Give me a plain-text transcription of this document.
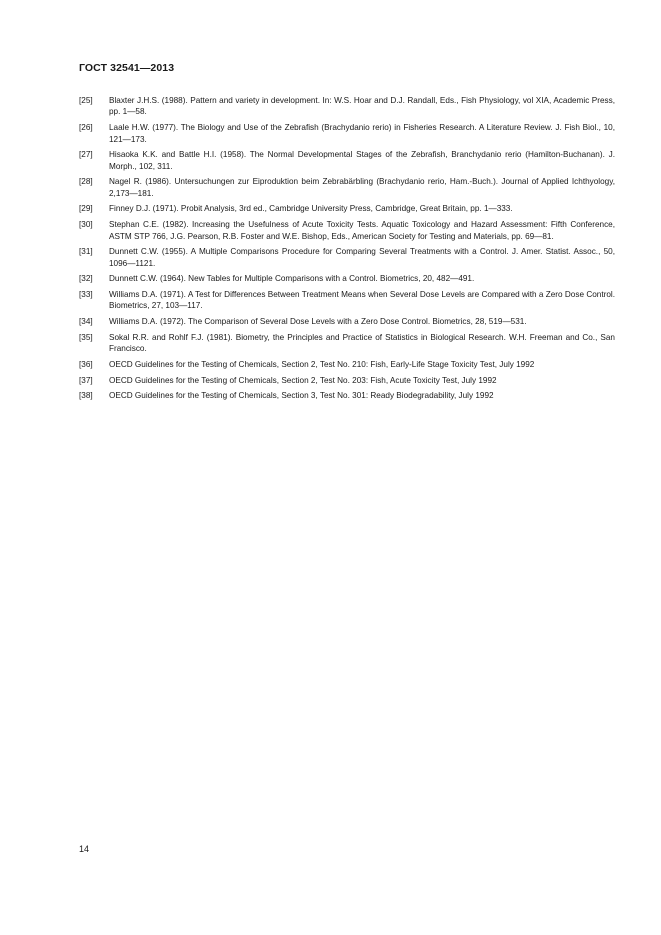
ГОСТ 32541—2013
[25]	Blaxter J.H.S. (1988). Pattern and variety in development. In: W.S. Hoar and D.J. Randall, Eds., Fish Physiology, vol XIA, Academic Press, pp. 1—58.
[26]	Laale H.W. (1977). The Biology and Use of the Zebrafish (Brachydanio rerio) in Fisheries Research. A Literature Review. J. Fish Biol., 10, 121—173.
[27]	Hisaoka K.K. and Battle H.I. (1958). The Normal Developmental Stages of the Zebrafish, Branchydanio rerio (Hamilton-Buchanan). J. Morph., 102, 311.
[28]	Nagel R. (1986). Untersuchungen zur Eiproduktion beim Zebrabärbling (Brachydanio rerio, Ham.-Buch.). Journal of Applied Ichthyology, 2,173—181.
[29]	Finney D.J. (1971). Probit Analysis, 3rd ed., Cambridge University Press, Cambridge, Great Britain, pp. 1—333.
[30]	Stephan C.E. (1982). Increasing the Usefulness of Acute Toxicity Tests. Aquatic Toxicology and Hazard Assessment: Fifth Conference, ASTM STP 766, J.G. Pearson, R.B. Foster and W.E. Bishop, Eds., American Society for Testing and Materials, pp. 69—81.
[31]	Dunnett C.W. (1955). A Multiple Comparisons Procedure for Comparing Several Treatments with a Control. J. Amer. Statist. Assoc., 50, 1096—1121.
[32]	Dunnett C.W. (1964). New Tables for Multiple Comparisons with a Control. Biometrics, 20, 482—491.
[33]	Williams D.A. (1971). A Test for Differences Between Treatment Means when Several Dose Levels are Compared with a Zero Dose Control. Biometrics, 27, 103—117.
[34]	Williams D.A. (1972). The Comparison of Several Dose Levels with a Zero Dose Control. Biometrics, 28, 519—531.
[35]	Sokal R.R. and Rohlf F.J. (1981). Biometry, the Principles and Practice of Statistics in Biological Research. W.H. Freeman and Co., San Francisco.
[36]	OECD Guidelines for the Testing of Chemicals, Section 2, Test No. 210: Fish, Early-Life Stage Toxicity Test, July 1992
[37]	OECD Guidelines for the Testing of Chemicals, Section 2, Test No. 203: Fish, Acute Toxicity Test, July 1992
[38]	OECD Guidelines for the Testing of Chemicals, Section 3, Test No. 301: Ready Biodegradability, July 1992
14
